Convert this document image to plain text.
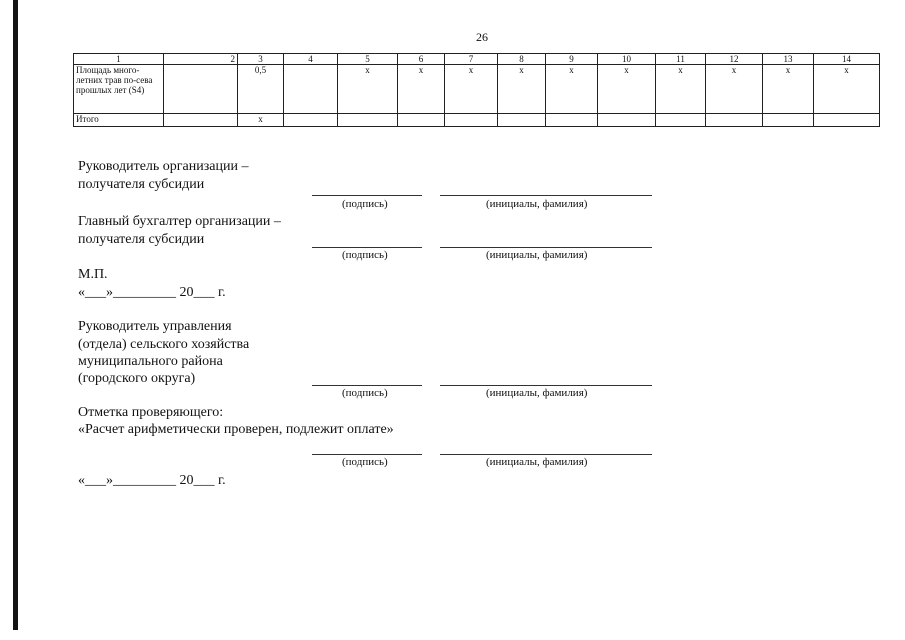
26
1	2	3	4	5	6	7	8	9	10	11	12	13	14
Площадь много-летних трав по-сева прошлых лет (S4)		0,5		x	x	x	x	x	x	x	x	x	x
Итого		x											
Руководитель организации –
получателя субсидии
(подпись)	(инициалы, фамилия)
Главный бухгалтер организации –
получателя субсидии
(подпись)	(инициалы, фамилия)
М.П.
«___»_________ 20___ г.
Руководитель управления
(отдела) сельского хозяйства
муниципального района
(городского округа)
(подпись)	(инициалы, фамилия)
Отметка проверяющего:
«Расчет арифметически проверен, подлежит оплате»
(подпись)	(инициалы, фамилия)
«___»_________ 20___ г.
